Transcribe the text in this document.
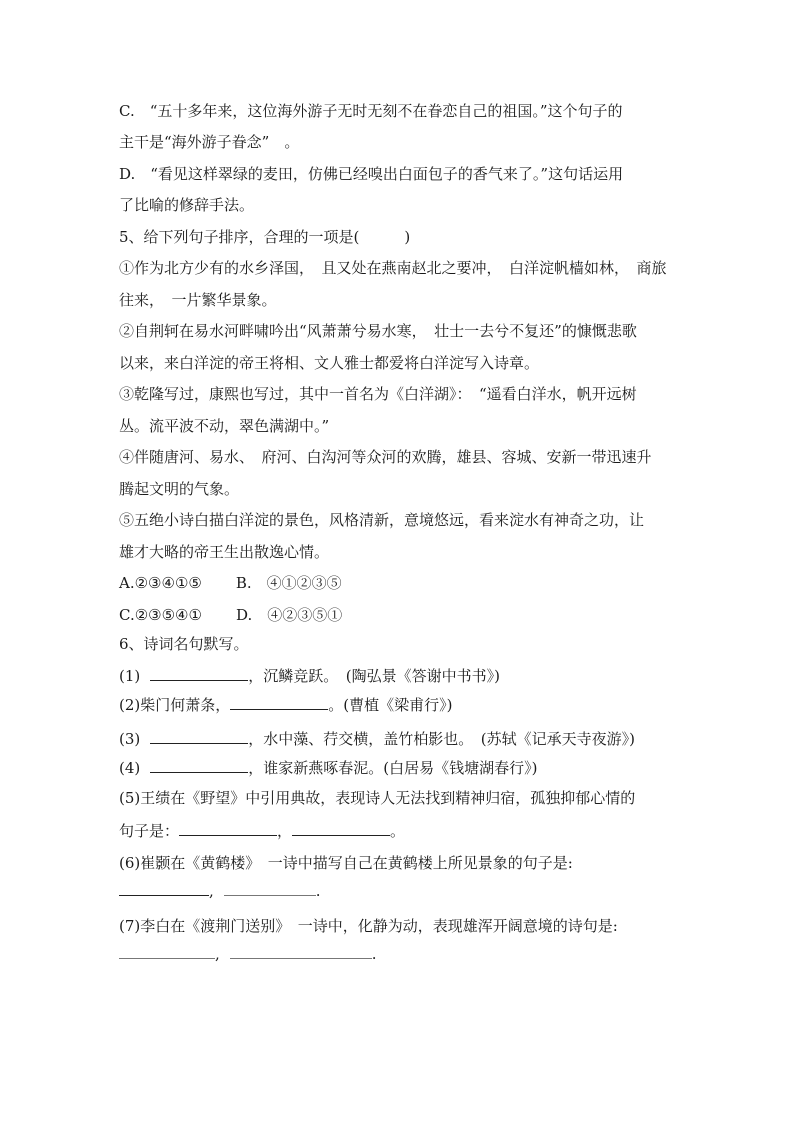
C.　“五十多年来，这位海外游子无时无刻不在眷恋自己的祖国。”这个句子的
主干是“海外游子眷念”　。
D.　“看见这样翠绿的麦田，仿佛已经嗅出白面包子的香气来了。”这句话运用
了比喻的修辞手法。
5、给下列句子排序，合理的一项是(　　　)
①作为北方少有的水乡泽国，　且又处在燕南赵北之要冲，　白洋淀帆樯如林，　商旅
往来，　一片繁华景象。
②自荆轲在易水河畔啸吟出“风萧萧兮易水寒，　壮士一去兮不复还”的慷慨悲歌
以来，来白洋淀的帝王将相、文人雅士都爱将白洋淀写入诗章。
③乾隆写过，康熙也写过，其中一首名为《白洋湖》：　“遥看白洋水，帆开远树
丛。流平波不动，翠色满湖中。”
④伴随唐河、易水、　府河、白沟河等众河的欢腾，雄县、容城、安新一带迅速升
腾起文明的气象。
⑤五绝小诗白描白洋淀的景色，风格清新，意境悠远，看来淀水有神奇之功，让
雄才大略的帝王生出散逸心情。
A.②③④①⑤ B.　④①②③⑤
C.②③⑤④① D.　④②③⑤①
6、诗词名句默写。
(1)	，沉鳞竞跃。　(陶弘景《答谢中书书》)
(2)柴门何萧条，	。(曹植《梁甫行》)
(3)	，水中藻、荇交横，盖竹柏影也。　(苏轼《记承天寺夜游》)
(4)	，谁家新燕啄春泥。(白居易《钱塘湖春行》)
(5)王绩在《野望》中引用典故，表现诗人无法找到精神归宿，孤独抑郁心情的
句子是：	，	。
(6)崔颢在《黄鹤楼》　一诗中描写自己在黄鹤楼上所见景象的句子是:
,	.
(7)李白在《渡荆门送别》　一诗中，化静为动，表现雄浑开阔意境的诗句是:
,	.
